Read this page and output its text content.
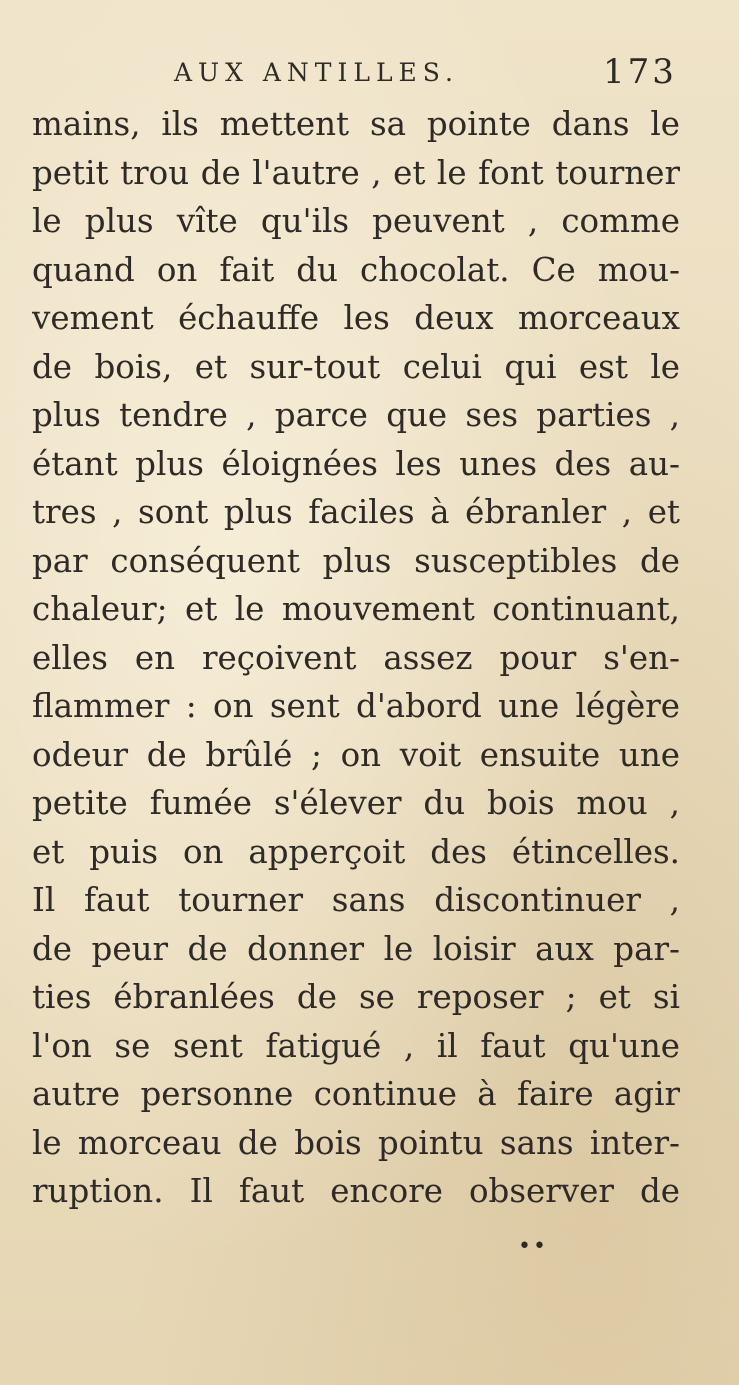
AUX ANTILLES.	173
mains, ils mettent sa pointe dans le
petit trou de l'autre , et le font tourner
le plus vîte qu'ils peuvent , comme
quand on fait du chocolat. Ce mou-
vement échauffe les deux morceaux
de bois, et sur-tout celui qui est le
plus tendre , parce que ses parties ,
étant plus éloignées les unes des au-
tres , sont plus faciles à ébranler , et
par conséquent plus susceptibles de
chaleur; et le mouvement continuant,
elles en reçoivent assez pour s'en-
flammer : on sent d'abord une légère
odeur de brûlé ; on voit ensuite une
petite fumée s'élever du bois mou ,
et puis on apperçoit des étincelles.
Il faut tourner sans discontinuer ,
de peur de donner le loisir aux par-
ties ébranlées de se reposer ; et si
l'on se sent fatigué , il faut qu'une
autre personne continue à faire agir
le morceau de bois pointu sans inter-
ruption. Il faut encore observer de
••
